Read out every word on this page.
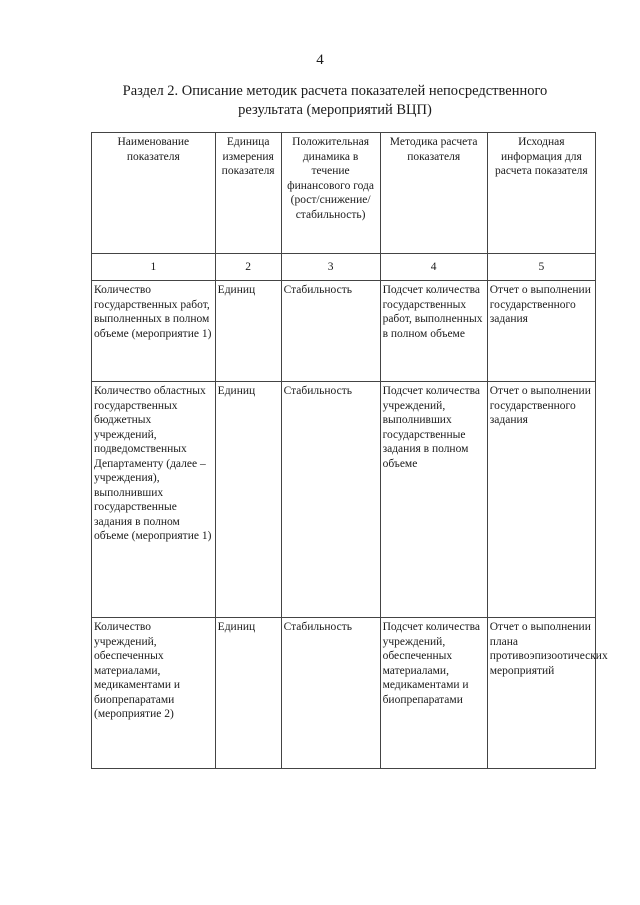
4
Раздел 2. Описание методик расчета показателей непосредственного
результата (мероприятий ВЦП)
Наименование показателя	Единица измерения показателя	Положительная динамика в течение финансового года (рост/снижение/ стабильность)	Методика расчета показателя	Исходная информация для расчета показателя
1	2	3	4	5
Количество государственных работ, выполненных в полном объеме (мероприятие 1)	Единиц	Стабильность	Подсчет количества государственных работ, выполненных в полном объеме	Отчет о выполнении государственного задания
Количество областных государственных бюджетных учреждений, подведомственных Департаменту (далее – учреждения), выполнивших государственные задания в полном объеме (мероприятие 1)	Единиц	Стабильность	Подсчет количества учреждений, выполнивших государственные задания в полном объеме	Отчет о выполнении государственного задания
Количество учреждений, обеспеченных материалами, медикаментами и биопрепаратами (мероприятие 2)	Единиц	Стабильность	Подсчет количества учреждений, обеспеченных материалами, медикаментами и биопрепаратами	Отчет о выполнении плана противоэпизоотических мероприятий
